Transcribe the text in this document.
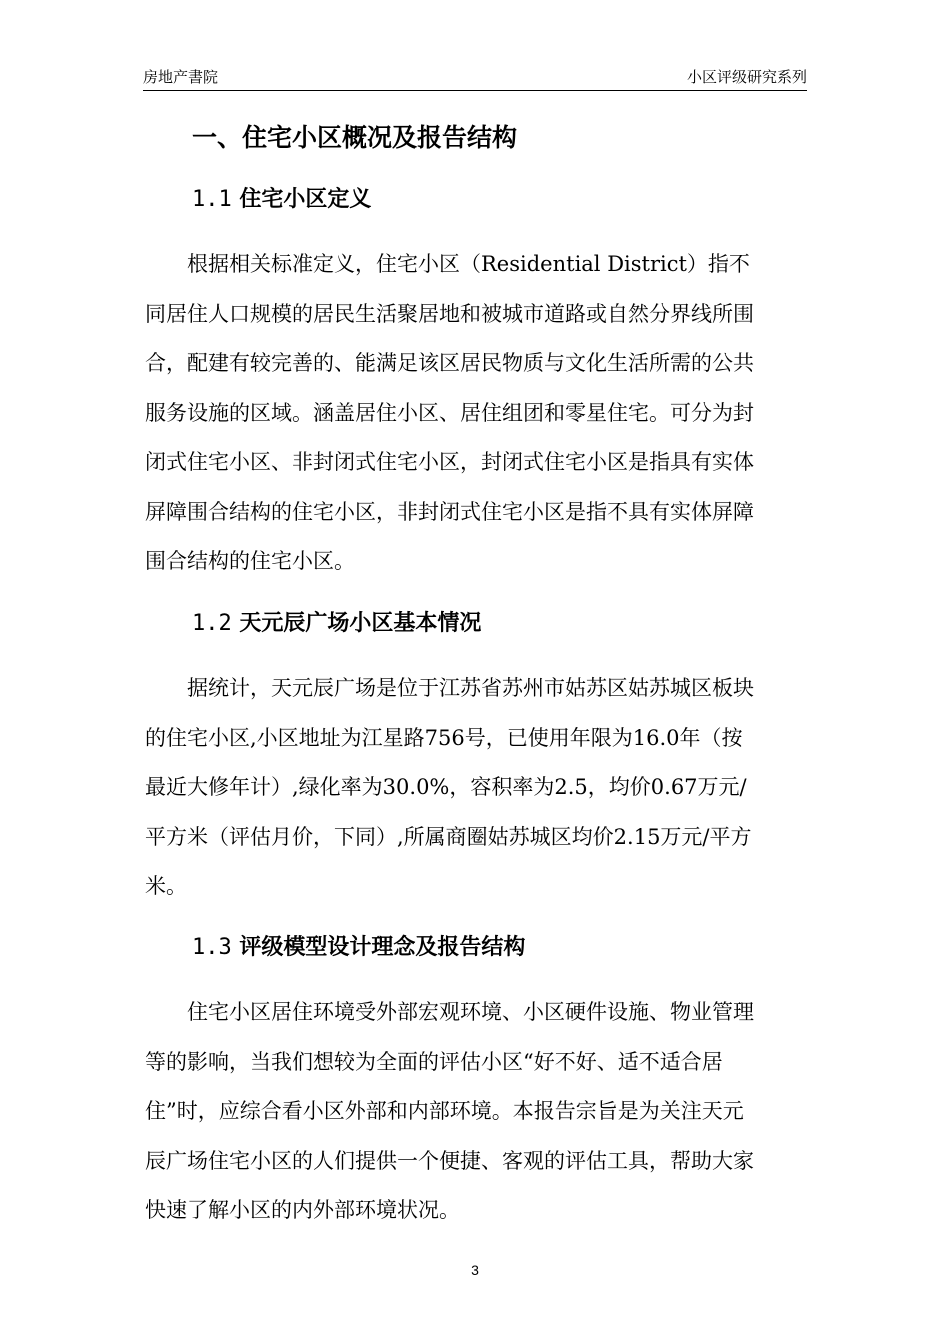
房地产書院	小区评级研究系列
一、住宅小区概况及报告结构
1.1 住宅小区定义
　　根据相关标准定义，住宅小区（Residential District）指不
同居住人口规模的居民生活聚居地和被城市道路或自然分界线所围
合，配建有较完善的、能满足该区居民物质与文化生活所需的公共
服务设施的区域。涵盖居住小区、居住组团和零星住宅。可分为封
闭式住宅小区、非封闭式住宅小区，封闭式住宅小区是指具有实体
屏障围合结构的住宅小区，非封闭式住宅小区是指不具有实体屏障
围合结构的住宅小区。
1.2 天元辰广场小区基本情况
　　据统计，天元辰广场是位于江苏省苏州市姑苏区姑苏城区板块
的住宅小区,小区地址为江星路756号，已使用年限为16.0年（按
最近大修年计）,绿化率为30.0%，容积率为2.5，均价0.67万元/
平方米（评估月价，下同）,所属商圈姑苏城区均价2.15万元/平方
米。
1.3 评级模型设计理念及报告结构
　　住宅小区居住环境受外部宏观环境、小区硬件设施、物业管理
等的影响，当我们想较为全面的评估小区“好不好、适不适合居
住”时，应综合看小区外部和内部环境。本报告宗旨是为关注天元
辰广场住宅小区的人们提供一个便捷、客观的评估工具，帮助大家
快速了解小区的内外部环境状况。
3
